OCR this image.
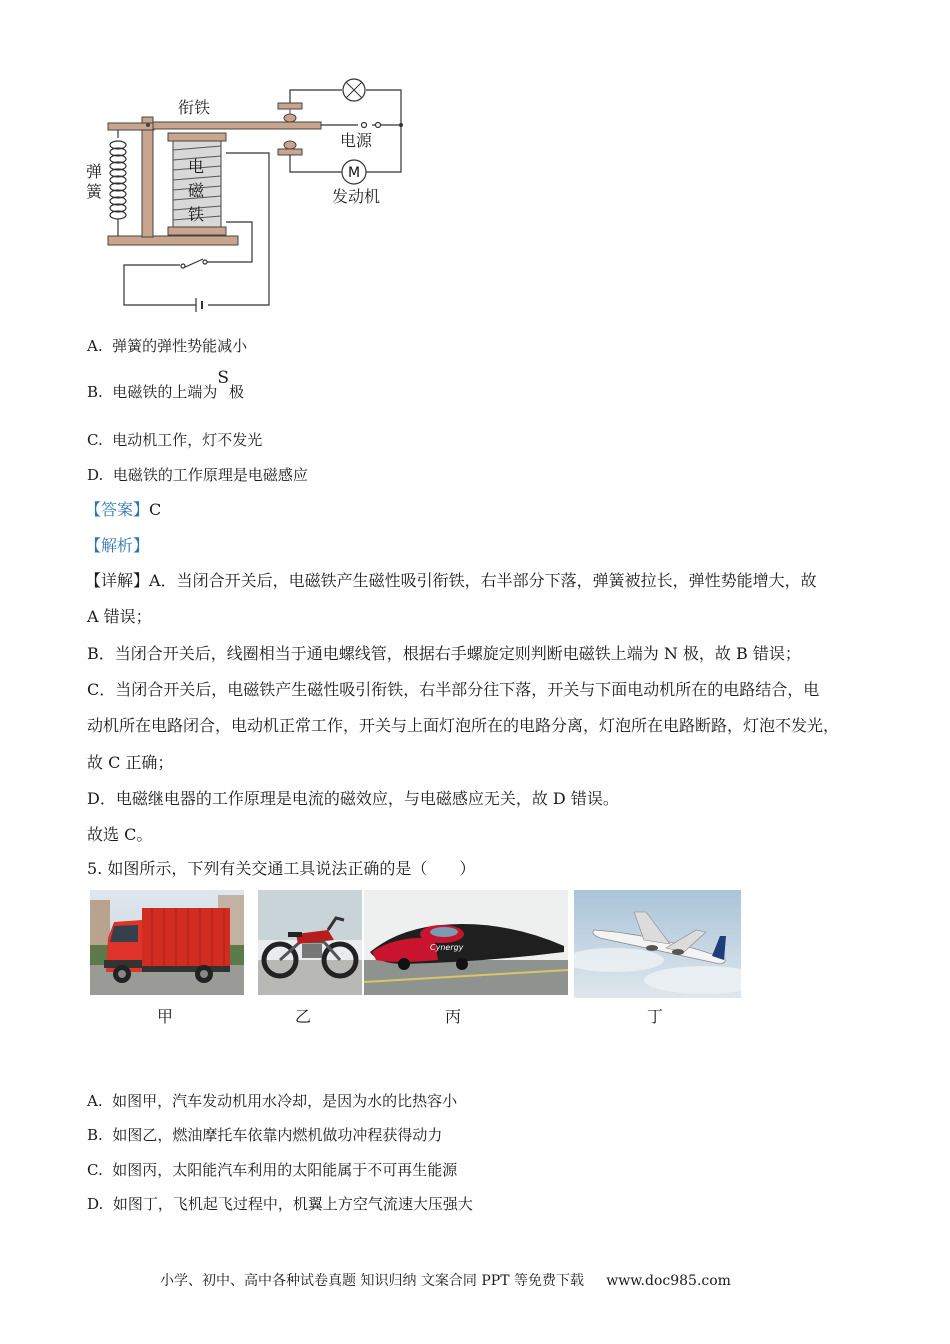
M
衔铁
电源
发动机
弹簧
电磁铁
A. 弹簧的弹性势能减小
B. 电磁铁的上端为S极
C. 电动机工作，灯不发光
D. 电磁铁的工作原理是电磁感应
【答案】C
【解析】
【详解】A．当闭合开关后，电磁铁产生磁性吸引衔铁，右半部分下落，弹簧被拉长，弹性势能增大，故
A 错误；
B．当闭合开关后，线圈相当于通电螺线管，根据右手螺旋定则判断电磁铁上端为 N 极，故 B 错误；
C．当闭合开关后，电磁铁产生磁性吸引衔铁，右半部分往下落，开关与下面电动机所在的电路结合，电
动机所在电路闭合，电动机正常工作，开关与上面灯泡所在的电路分离，灯泡所在电路断路，灯泡不发光，
故 C 正确；
D．电磁继电器的工作原理是电流的磁效应，与电磁感应无关，故 D 错误。
故选 C。
5. 如图所示，下列有关交通工具说法正确的是（　　）
Cynergy
甲	乙	丙	丁
A. 如图甲，汽车发动机用水冷却，是因为水的比热容小
B. 如图乙，燃油摩托车依靠内燃机做功冲程获得动力
C. 如图丙，太阳能汽车利用的太阳能属于不可再生能源
D. 如图丁，飞机起飞过程中，机翼上方空气流速大压强大
小学、初中、高中各种试卷真题 知识归纳 文案合同 PPT 等免费下载 www.doc985.com
